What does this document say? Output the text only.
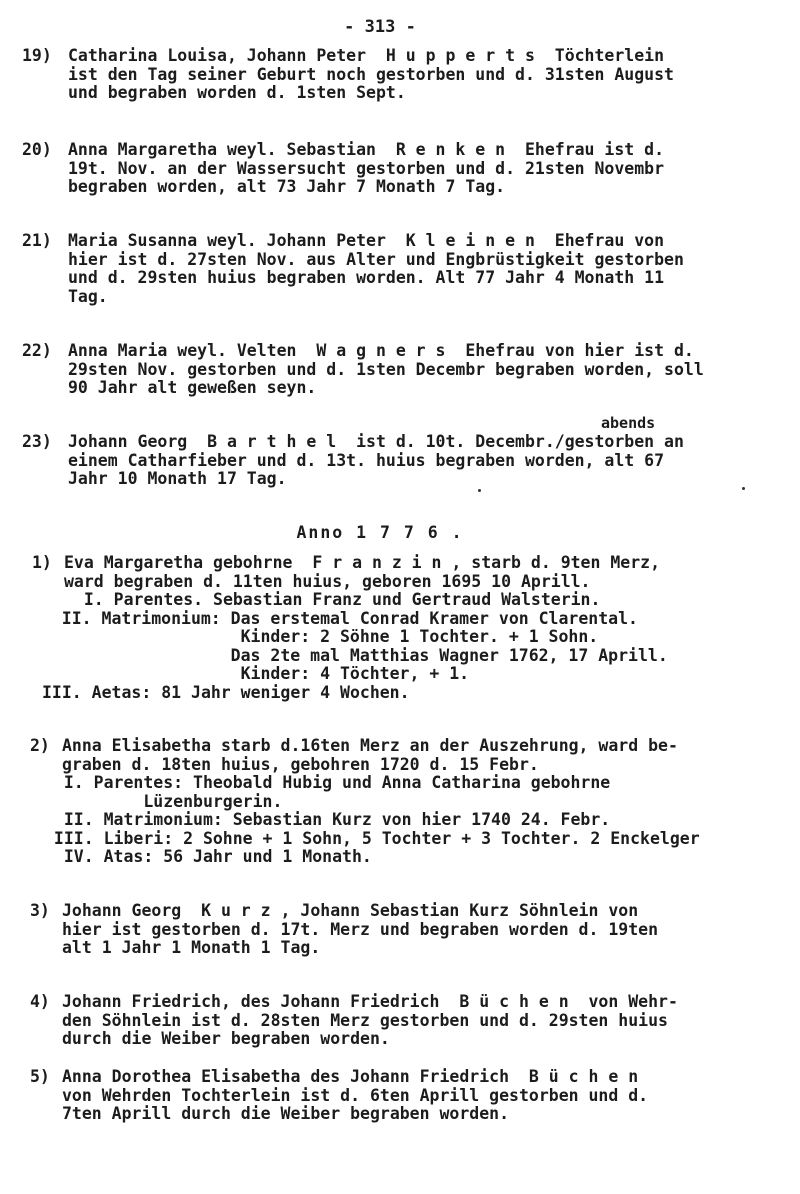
- 313 -
19) Catharina Louisa, Johann Peter  H u p p e r t s  Töchterlein
ist den Tag seiner Geburt noch gestorben und d. 31sten August
und begraben worden d. 1sten Sept.
20) Anna Margaretha weyl. Sebastian  R e n k e n  Ehefrau ist d.
19t. Nov. an der Wassersucht gestorben und d. 21sten Novembr
begraben worden, alt 73 Jahr 7 Monath 7 Tag.
21) Maria Susanna weyl. Johann Peter  K l e i n e n  Ehefrau von
hier ist d. 27sten Nov. aus Alter und Engbrüstigkeit gestorben
und d. 29sten huius begraben worden. Alt 77 Jahr 4 Monath 11
Tag.
22) Anna Maria weyl. Velten  W a g n e r s  Ehefrau von hier ist d.
29sten Nov. gestorben und d. 1sten Decembr begraben worden, soll
90 Jahr alt geweßen seyn.
abends
23) Johann Georg  B a r t h e l  ist d. 10t. Decembr./gestorben an
einem Catharfieber und d. 13t. huius begraben worden, alt 67
Jahr 10 Monath 17 Tag.
Anno 1 7 7 6 .
1) Eva Margaretha gebohrne  F r a n z i n , starb d. 9ten Merz,
ward begraben d. 11ten huius, geboren 1695 10 Aprill.
I. Parentes. Sebastian Franz und Gertraud Walsterin.
II. Matrimonium: Das erstemal Conrad Kramer von Clarental.
Kinder: 2 Söhne 1 Tochter. + 1 Sohn.
Das 2te mal Matthias Wagner 1762, 17 Aprill.
Kinder: 4 Töchter, + 1.
III. Aetas: 81 Jahr weniger 4 Wochen.
2) Anna Elisabetha starb d.16ten Merz an der Auszehrung, ward be-
graben d. 18ten huius, gebohren 1720 d. 15 Febr.
I. Parentes: Theobald Hubig und Anna Catharina gebohrne
Lüzenburgerin.
II. Matrimonium: Sebastian Kurz von hier 1740 24. Febr.
III. Liberi: 2 Sohne + 1 Sohn, 5 Tochter + 3 Tochter. 2 Enckelger
IV. Atas: 56 Jahr und 1 Monath.
3) Johann Georg  K u r z , Johann Sebastian Kurz Söhnlein von
hier ist gestorben d. 17t. Merz und begraben worden d. 19ten
alt 1 Jahr 1 Monath 1 Tag.
4) Johann Friedrich, des Johann Friedrich  B ü c h e n  von Wehr-
den Söhnlein ist d. 28sten Merz gestorben und d. 29sten huius
durch die Weiber begraben worden.
5) Anna Dorothea Elisabetha des Johann Friedrich  B ü c h e n
von Wehrden Tochterlein ist d. 6ten Aprill gestorben und d.
7ten Aprill durch die Weiber begraben worden.
